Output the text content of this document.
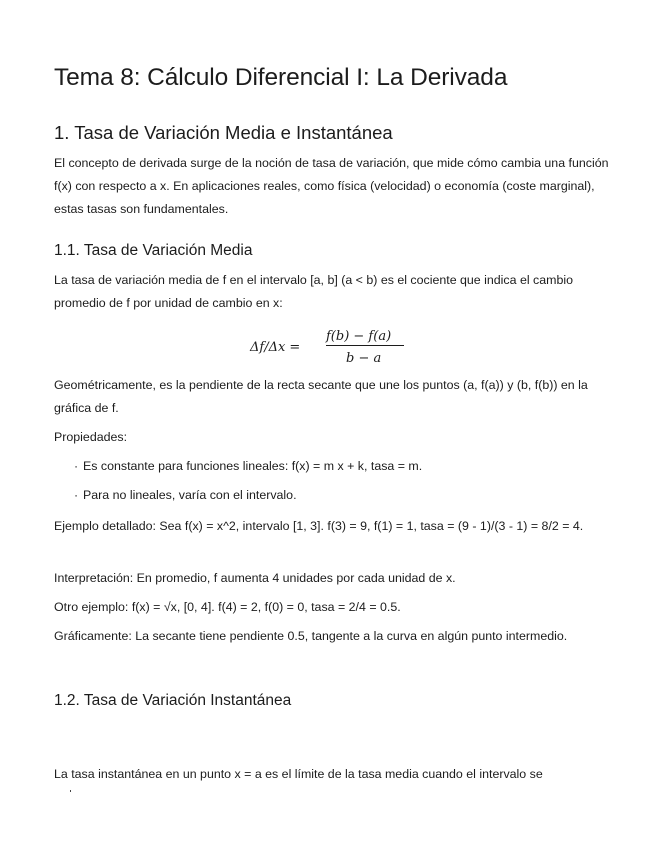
Tema 8: Cálculo Diferencial I: La Derivada
1. Tasa de Variación Media e Instantánea

El concepto de derivada surge de la noción de tasa de variación, que mide cómo cambia una función f(x) con respecto a x. En aplicaciones reales, como física (velocidad) o economía (coste marginal), estas tasas son fundamentales.

1.1. Tasa de Variación Media

La tasa de variación media de f en el intervalo [a, b] (a < b) es el cociente que indica el cambio promedio de f por unidad de cambio en x:

Δf/Δx =
f(b) − f(a)
b − a

Geométricamente, es la pendiente de la recta secante que une los puntos (a, f(a)) y (b, f(b)) en la gráfica de f.

Propiedades:

· Es constante para funciones lineales: f(x) = m x + k, tasa = m.

· Para no lineales, varía con el intervalo.

Ejemplo detallado: Sea f(x) = x^2, intervalo [1, 3]. f(3) = 9, f(1) = 1, tasa = (9 - 1)/(3 - 1) = 8/2 = 4.

Interpretación: En promedio, f aumenta 4 unidades por cada unidad de x.

Otro ejemplo: f(x) = √x, [0, 4]. f(4) = 2, f(0) = 0, tasa = 2/4 = 0.5.

Gráficamente: La secante tiene pendiente 0.5, tangente a la curva en algún punto intermedio.

1.2. Tasa de Variación Instantánea

La tasa instantánea en un punto x = a es el límite de la tasa media cuando el intervalo se
